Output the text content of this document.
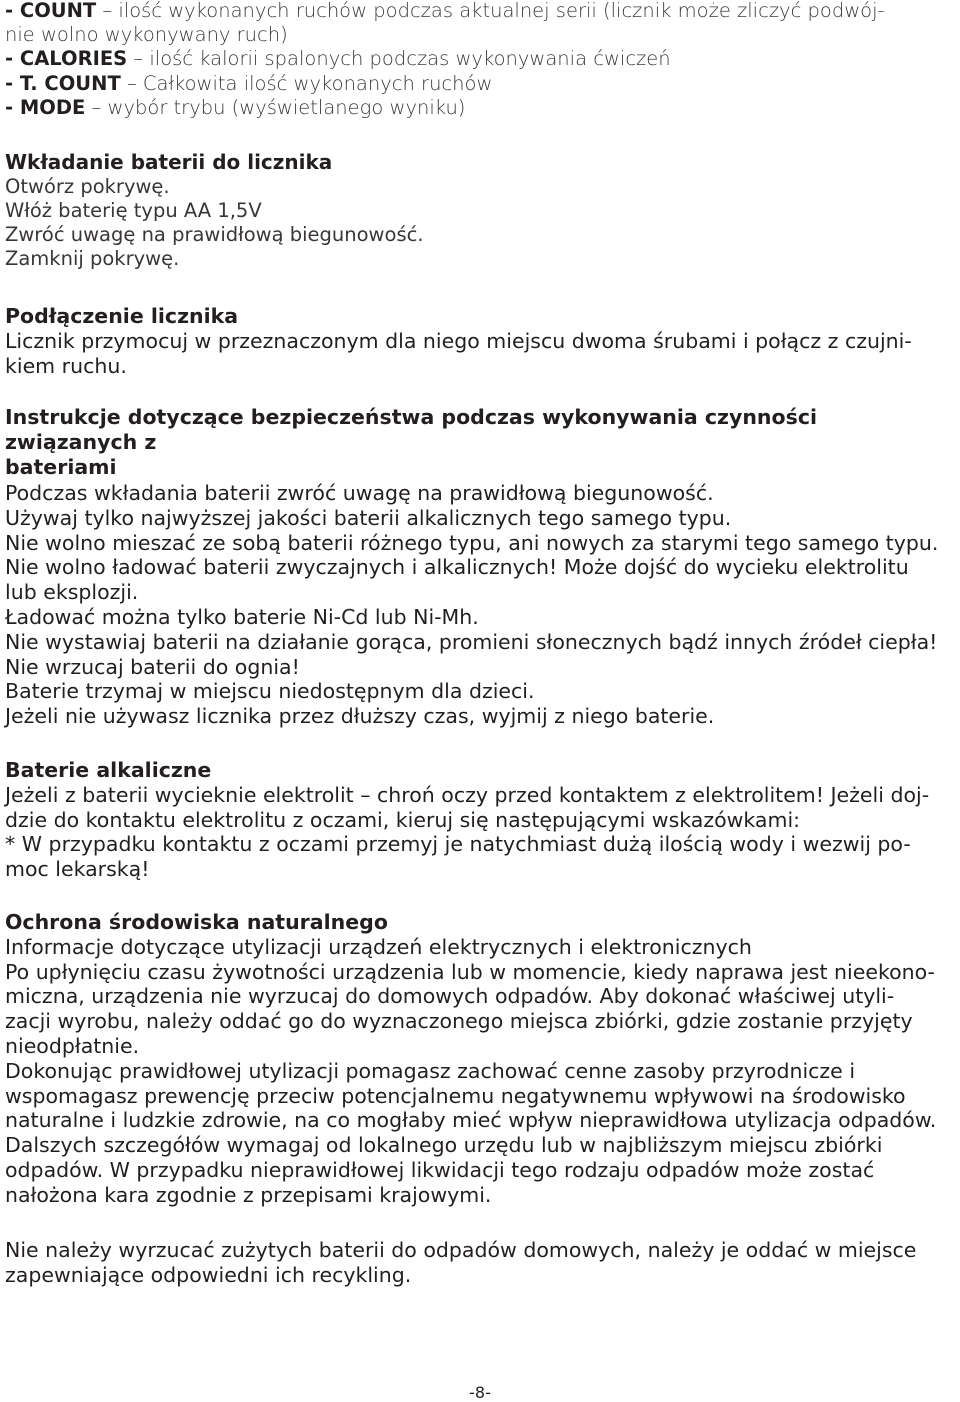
- COUNT – ilość wykonanych ruchów podczas aktualnej serii (licznik może zliczyć podwój-

nie wolno wykonywany ruch)

- CALORIES – ilość kalorii spalonych podczas wykonywania ćwiczeń

- T. COUNT – Całkowita ilość wykonanych ruchów

- MODE – wybór trybu (wyświetlanego wyniku)

Wkładanie baterii do licznika

Otwórz pokrywę.

Włóż baterię typu AA 1,5V

Zwróć uwagę na prawidłową biegunowość.

Zamknij pokrywę.

Podłączenie licznika

Licznik przymocuj w przeznaczonym dla niego miejscu dwoma śrubami i połącz z czujni-

kiem ruchu.

Instrukcje dotyczące bezpieczeństwa podczas wykonywania czynności związanych z

bateriami

Podczas wkładania baterii zwróć uwagę na prawidłową biegunowość.

Używaj tylko najwyższej jakości baterii alkalicznych tego samego typu.

Nie wolno mieszać ze sobą baterii różnego typu, ani nowych za starymi tego samego typu.

Nie wolno ładować baterii zwyczajnych i alkalicznych! Może dojść do wycieku elektrolitu

lub eksplozji.

Ładować można tylko baterie Ni-Cd lub Ni-Mh.

Nie wystawiaj baterii na działanie gorąca, promieni słonecznych bądź innych źródeł ciepła!

Nie wrzucaj baterii do ognia!

Baterie trzymaj w miejscu niedostępnym dla dzieci.

Jeżeli nie używasz licznika przez dłuższy czas, wyjmij z niego baterie.

Baterie alkaliczne

Jeżeli z baterii wycieknie elektrolit – chroń oczy przed kontaktem z elektrolitem! Jeżeli doj-

dzie do kontaktu elektrolitu z oczami, kieruj się następującymi wskazówkami:

* W przypadku kontaktu z oczami przemyj je natychmiast dużą ilością wody i wezwij po-

moc lekarską!

Ochrona środowiska naturalnego

Informacje dotyczące utylizacji urządzeń elektrycznych i elektronicznych

Po upłynięciu czasu żywotności urządzenia lub w momencie, kiedy naprawa jest nieekono-

miczna, urządzenia nie wyrzucaj do domowych odpadów. Aby dokonać właściwej utyli-

zacji wyrobu, należy oddać go do wyznaczonego miejsca zbiórki, gdzie zostanie przyjęty

nieodpłatnie.

Dokonując prawidłowej utylizacji pomagasz zachować cenne zasoby przyrodnicze i

wspomagasz prewencję przeciw potencjalnemu negatywnemu wpływowi na środowisko

naturalne i ludzkie zdrowie, na co mogłaby mieć wpływ nieprawidłowa utylizacja odpadów.

Dalszych szczegółów wymagaj od lokalnego urzędu lub w najbliższym miejscu zbiórki

odpadów. W przypadku nieprawidłowej likwidacji tego rodzaju odpadów może zostać

nałożona kara zgodnie z przepisami krajowymi.

Nie należy wyrzucać zużytych baterii do odpadów domowych, należy je oddać w miejsce

zapewniające odpowiedni ich recykling.

-8-
